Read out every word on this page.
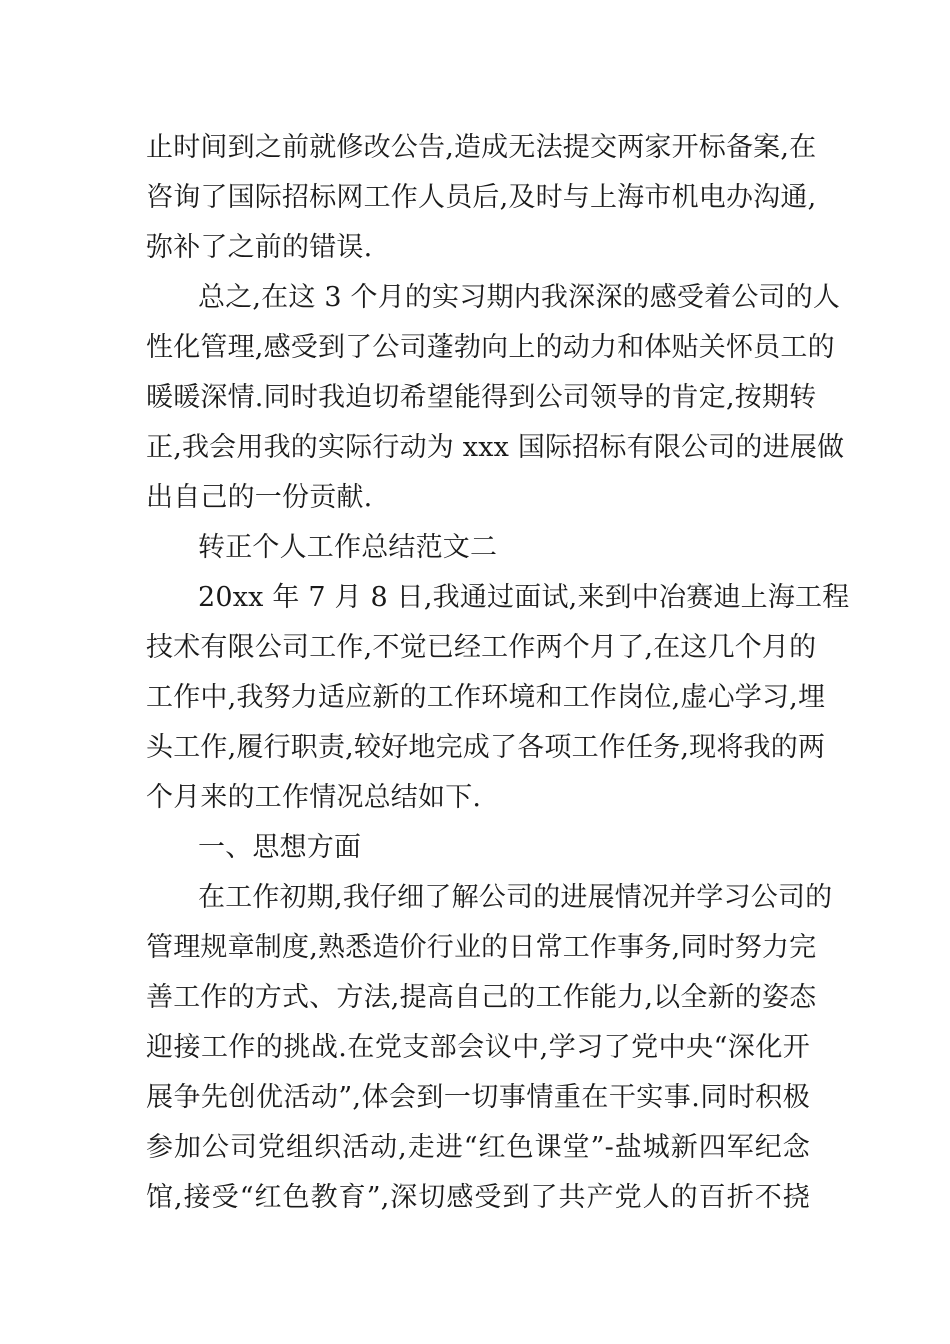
止时间到之前就修改公告,造成无法提交两家开标备案,在
咨询了国际招标网工作人员后,及时与上海市机电办沟通,
弥补了之前的错误.
总之,在这 3 个月的实习期内我深深的感受着公司的人
性化管理,感受到了公司蓬勃向上的动力和体贴关怀员工的
暖暖深情.同时我迫切希望能得到公司领导的肯定,按期转
正,我会用我的实际行动为 xxx 国际招标有限公司的进展做
出自己的一份贡献.
转正个人工作总结范文二
20xx 年 7 月 8 日,我通过面试,来到中冶赛迪上海工程
技术有限公司工作,不觉已经工作两个月了,在这几个月的
工作中,我努力适应新的工作环境和工作岗位,虚心学习,埋
头工作,履行职责,较好地完成了各项工作任务,现将我的两
个月来的工作情况总结如下.
一、思想方面
在工作初期,我仔细了解公司的进展情况并学习公司的
管理规章制度,熟悉造价行业的日常工作事务,同时努力完
善工作的方式、方法,提高自己的工作能力,以全新的姿态
迎接工作的挑战.在党支部会议中,学习了党中央“深化开
展争先创优活动”,体会到一切事情重在干实事.同时积极
参加公司党组织活动,走进“红色课堂”-盐城新四军纪念
馆,接受“红色教育”,深切感受到了共产党人的百折不挠
